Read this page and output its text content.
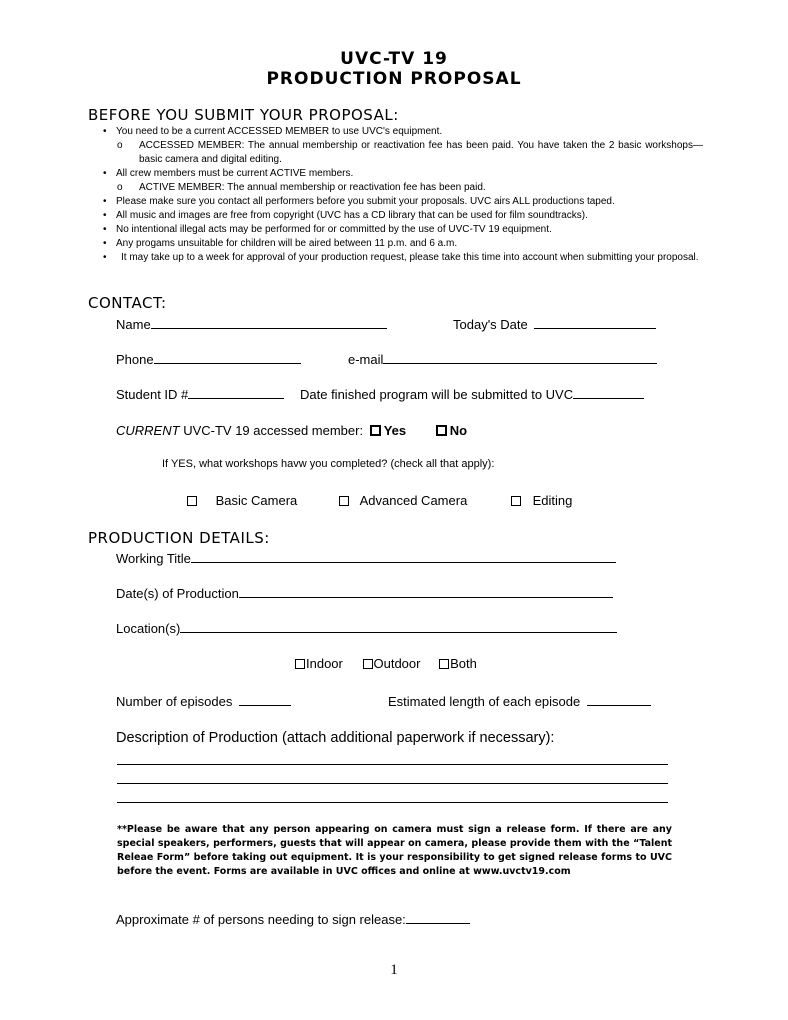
UVC-TV 19
PRODUCTION PROPOSAL
BEFORE YOU SUBMIT YOUR PROPOSAL:
• You need to be a current ACCESSED MEMBER to use UVC's equipment.
o	ACCESSED MEMBER: The annual membership or reactivation fee has been paid. You have taken the 2 basic workshops—basic camera and digital editing.
• All crew members must be current ACTIVE members.
o	ACTIVE MEMBER: The annual membership or reactivation fee has been paid.
• Please make sure you contact all performers before you submit your proposals. UVC airs ALL productions taped.
• All music and images are free from copyright (UVC has a CD library that can be used for film soundtracks).
• No intentional illegal acts may be performed for or committed by the use of UVC-TV 19 equipment.
• Any progams unsuitable for children will be aired between 11 p.m. and 6 a.m.
•	It may take up to a week for approval of your production request, please take this time into account when submitting your proposal.
CONTACT:
Name	Today's Date
Phone	e-mail
Student ID #	Date finished program will be submitted to UVC
CURRENT UVC-TV 19 accessed member: Yes	No
If YES, what workshops havw you completed? (check all that apply):
Basic Camera	Advanced Camera	Editing
PRODUCTION DETAILS:
Working Title
Date(s) of Production
Location(s)
Indoor Outdoor Both
Number of episodes	Estimated length of each episode
Description of Production (attach additional paperwork if necessary):
**Please be aware that any person appearing on camera must sign a release form. If there are any special speakers, performers, guests that will appear on camera, please provide them with the “Talent Releae Form” before taking out equipment. It is your responsibility to get signed release forms to UVC before the event. Forms are available in UVC offices and online at www.uvctv19.com
Approximate # of persons needing to sign release:
1
